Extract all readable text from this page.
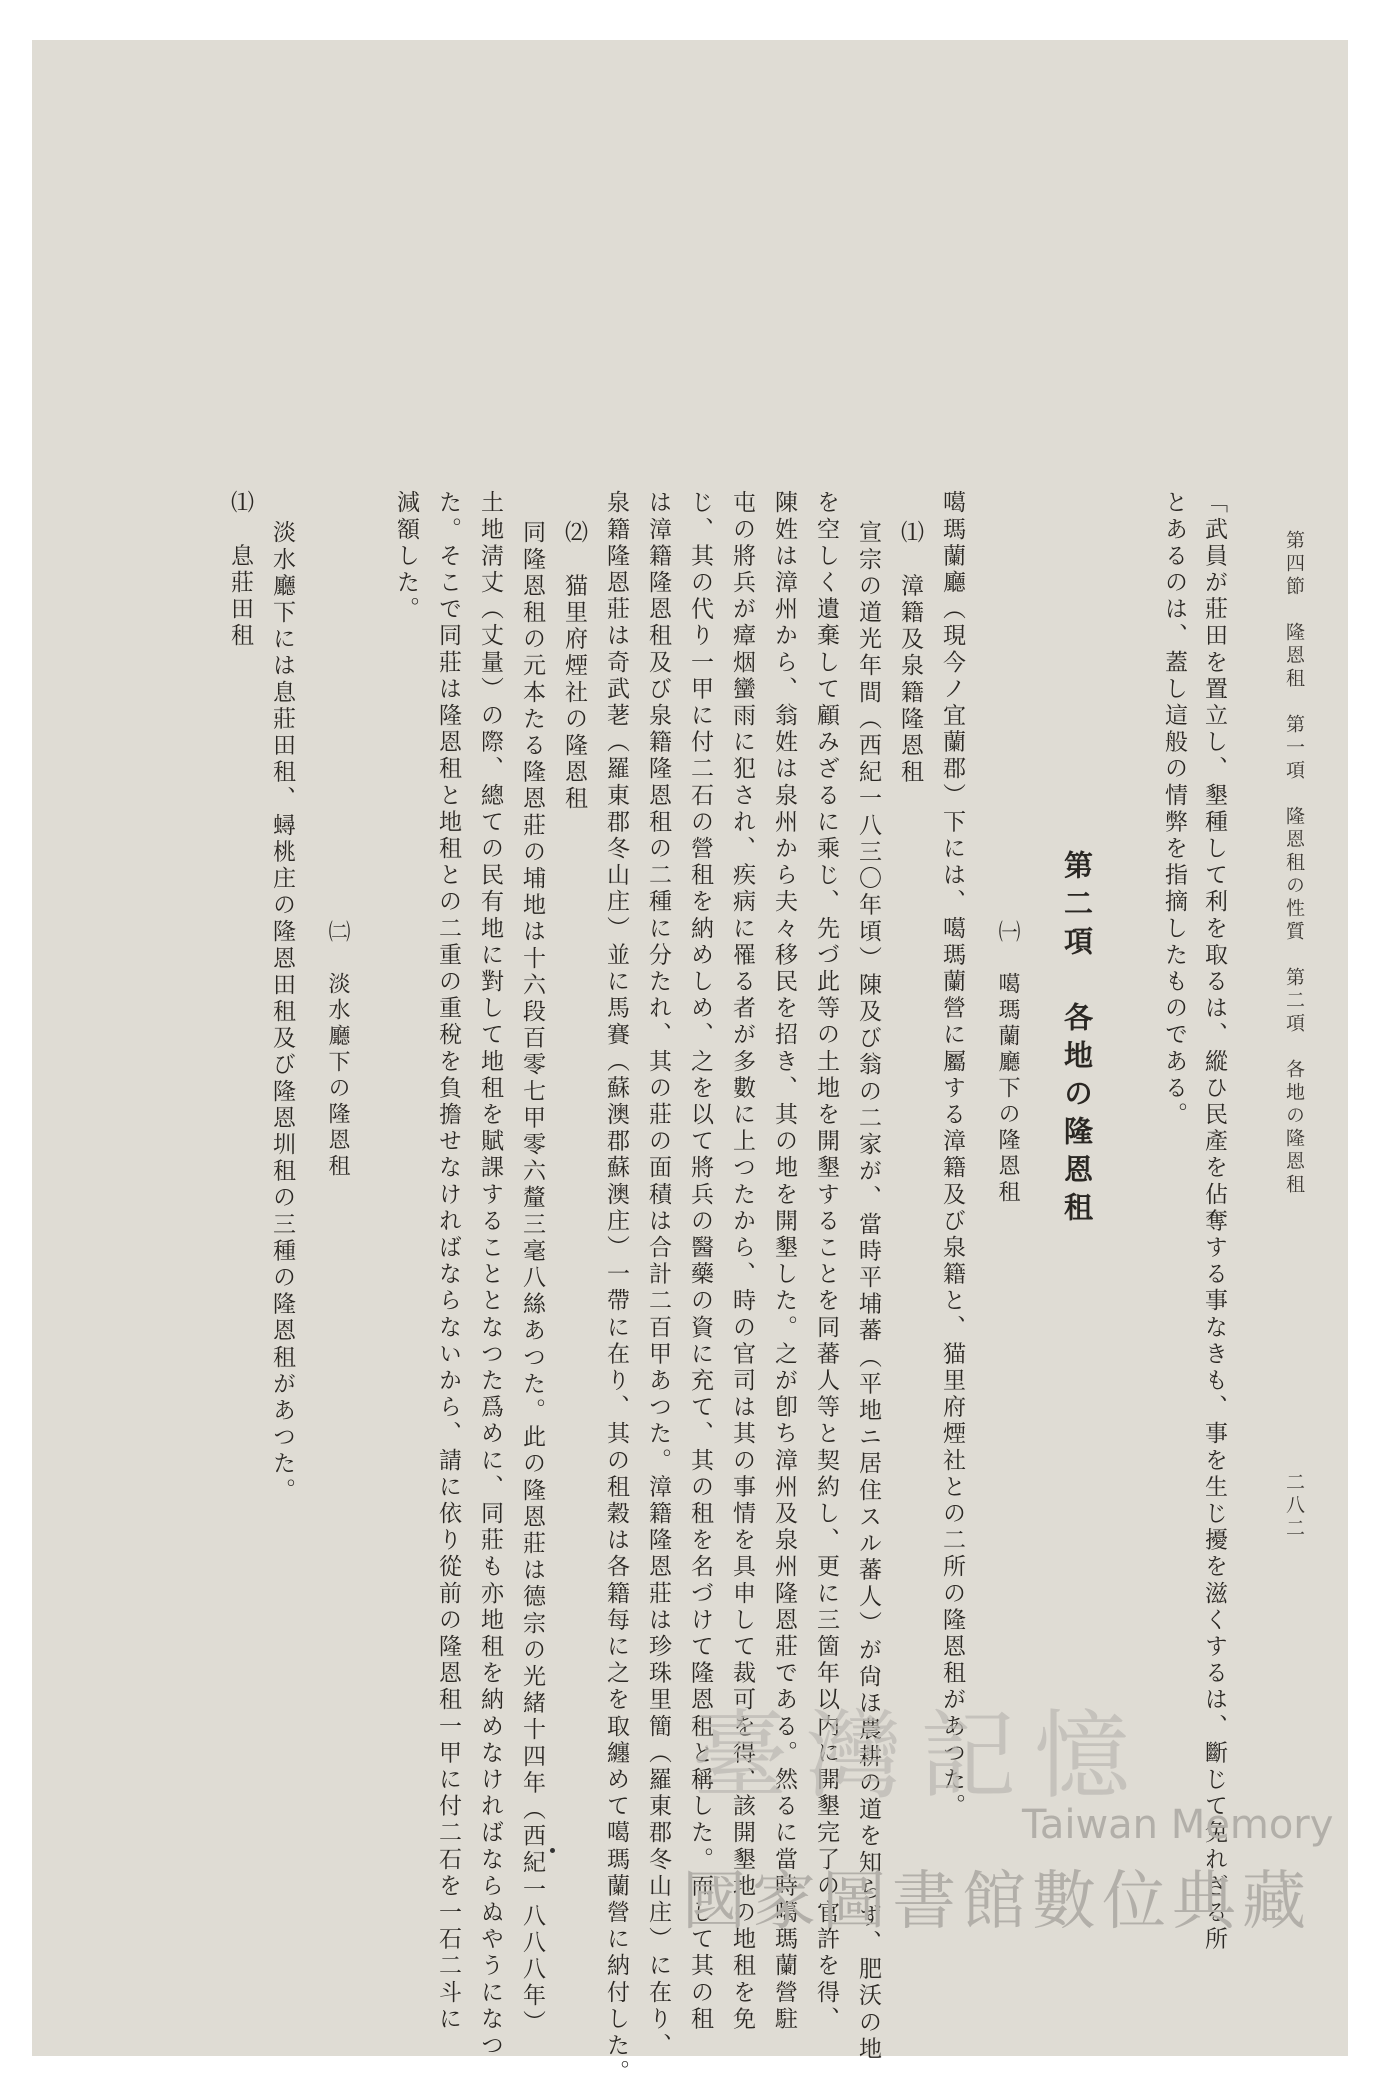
二八二
第四節　隆恩租　第一項　隆恩租の性質　第二項　各地の隆恩租
「武員が莊田を置立し、墾種して利を取るは、縱ひ民產を佔奪する事なきも、事を生じ擾を滋くするは、斷じて免れざる所
とあるのは、蓋し這般の情弊を指摘したものである。
第二項　各地の隆恩租
㈠　噶瑪蘭廳下の隆恩租
噶瑪蘭廳（現今ノ宜蘭郡）下には、噶瑪蘭營に屬する漳籍及び泉籍と、猫里府煙社との二所の隆恩租があつた。
⑴　漳籍及泉籍隆恩租
宣宗の道光年間（西紀一八三〇年頃）陳及び翁の二家が、當時平埔蕃（平地ニ居住スル蕃人）が尙ほ農耕の道を知らず、肥沃の地
を空しく遺棄して顧みざるに乘じ、先づ此等の土地を開墾することを同蕃人等と契約し、更に三箇年以内に開墾完了の官許を得、
陳姓は漳州から、翁姓は泉州から夫々移民を招き、其の地を開墾した。之が卽ち漳州及泉州隆恩莊である。然るに當時噶瑪蘭營駐
屯の將兵が瘴烟蠻雨に犯され、疾病に罹る者が多數に上つたから、時の官司は其の事情を具申して裁可を得、該開墾地の地租を免
じ、其の代り一甲に付二石の營租を納めしめ、之を以て將兵の醫藥の資に充て、其の租を名づけて隆恩租と稱した。而して其の租
は漳籍隆恩租及び泉籍隆恩租の二種に分たれ、其の莊の面積は合計二百甲あつた。漳籍隆恩莊は珍珠里簡（羅東郡冬山庄）に在り、
泉籍隆恩莊は奇武荖（羅東郡冬山庄）並に馬賽（蘇澳郡蘇澳庄）一帶に在り、其の租穀は各籍每に之を取纏めて噶瑪蘭營に納付した。
⑵　猫里府煙社の隆恩租
同隆恩租の元本たる隆恩莊の埔地は十六段百零七甲零六釐三毫八絲あつた。此の隆恩莊は德宗の光緒十四年（西紀一八八八年）
土地淸丈（丈量）の際、總ての民有地に對して地租を賦課することとなつた爲めに、同莊も亦地租を納めなければならぬやうになつ
た。そこで同莊は隆恩租と地租との二重の重稅を負擔せなければならないから、請に依り從前の隆恩租一甲に付二石を一石二斗に
減額した。
㈡　淡水廳下の隆恩租
淡水廳下には息莊田租、蟳桃庄の隆恩田租及び隆恩圳租の三種の隆恩租があつた。
⑴　息莊田租
臺灣記憶
Taiwan Memory
國家圖書館數位典藏
